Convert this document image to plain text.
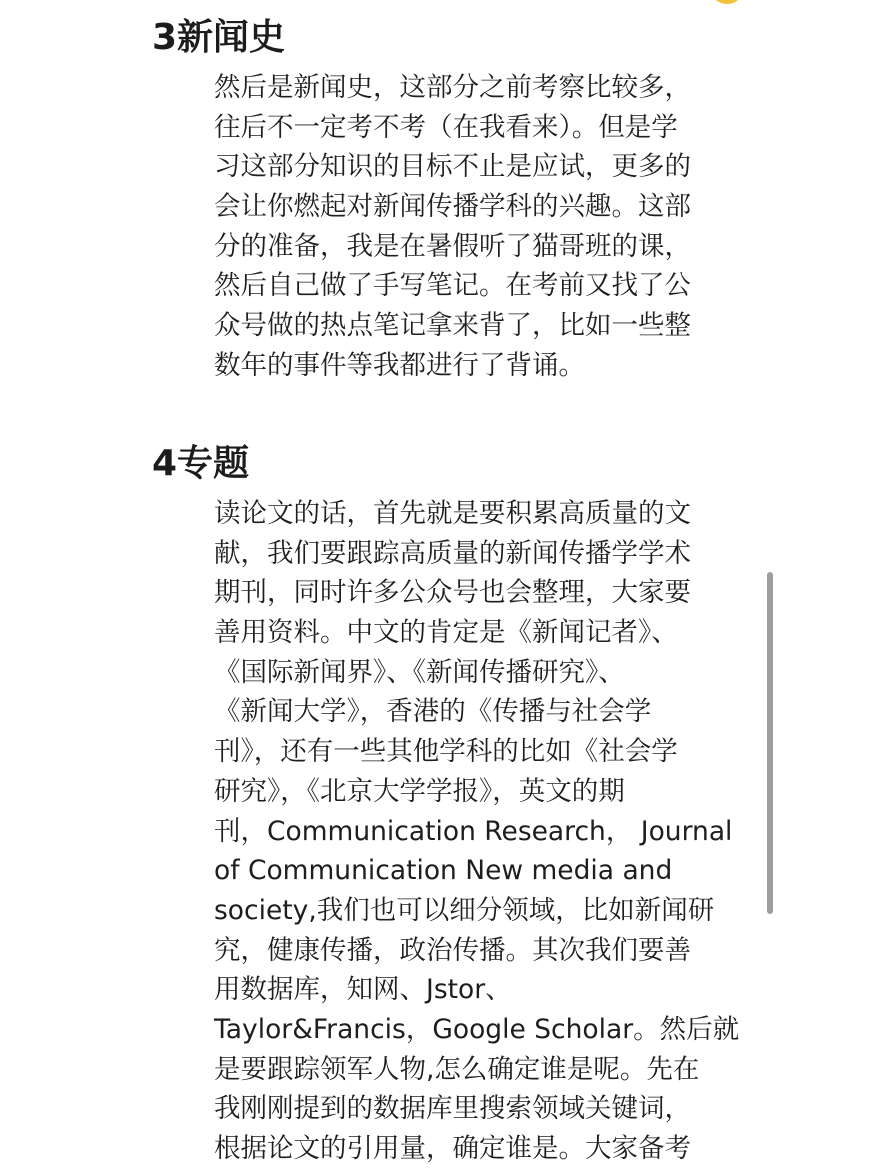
3新闻史
然后是新闻史，这部分之前考察比较多，
往后不一定考不考（在我看来）。但是学
习这部分知识的目标不止是应试，更多的
会让你燃起对新闻传播学科的兴趣。这部
分的准备，我是在暑假听了猫哥班的课，
然后自己做了手写笔记。在考前又找了公
众号做的热点笔记拿来背了，比如一些整
数年的事件等我都进行了背诵。
4专题
读论文的话，首先就是要积累高质量的文
献，我们要跟踪高质量的新闻传播学学术
期刊，同时许多公众号也会整理，大家要
善用资料。中文的肯定是《新闻记者》、
《国际新闻界》、《新闻传播研究》、
《新闻大学》，香港的《传播与社会学
刊》，还有一些其他学科的比如《社会学
研究》，《北京大学学报》，英文的期
刊，Communication Research， Journal
of Communication New media and
society,我们也可以细分领域，比如新闻研
究，健康传播，政治传播。其次我们要善
用数据库，知网、Jstor、
Taylor&Francis，Google Scholar。然后就
是要跟踪领军人物,怎么确定谁是呢。先在
我刚刚提到的数据库里搜索领域关键词，
根据论文的引用量，确定谁是。大家备考
